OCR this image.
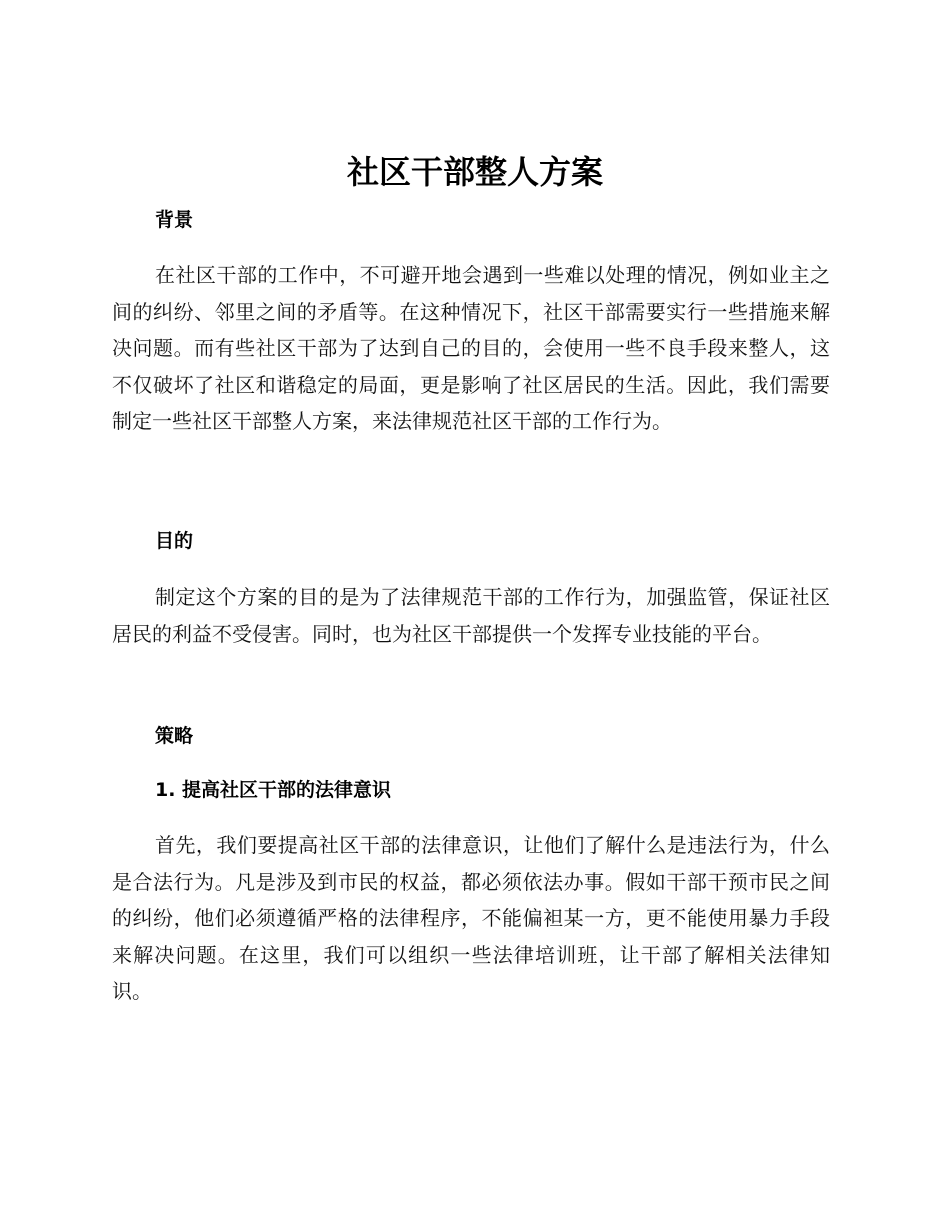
社区干部整人方案
背景

在社区干部的工作中，不可避开地会遇到一些难以处理的情况，例如业主之间的纠纷、邻里之间的矛盾等。在这种情况下，社区干部需要实行一些措施来解决问题。而有些社区干部为了达到自己的目的，会使用一些不良手段来整人，这不仅破坏了社区和谐稳定的局面，更是影响了社区居民的生活。因此，我们需要制定一些社区干部整人方案，来法律规范社区干部的工作行为。

目的

制定这个方案的目的是为了法律规范干部的工作行为，加强监管，保证社区居民的利益不受侵害。同时，也为社区干部提供一个发挥专业技能的平台。

策略
1. 提高社区干部的法律意识

首先，我们要提高社区干部的法律意识，让他们了解什么是违法行为，什么是合法行为。凡是涉及到市民的权益，都必须依法办事。假如干部干预市民之间的纠纷，他们必须遵循严格的法律程序，不能偏袒某一方，更不能使用暴力手段来解决问题。在这里，我们可以组织一些法律培训班，让干部了解相关法律知识。
